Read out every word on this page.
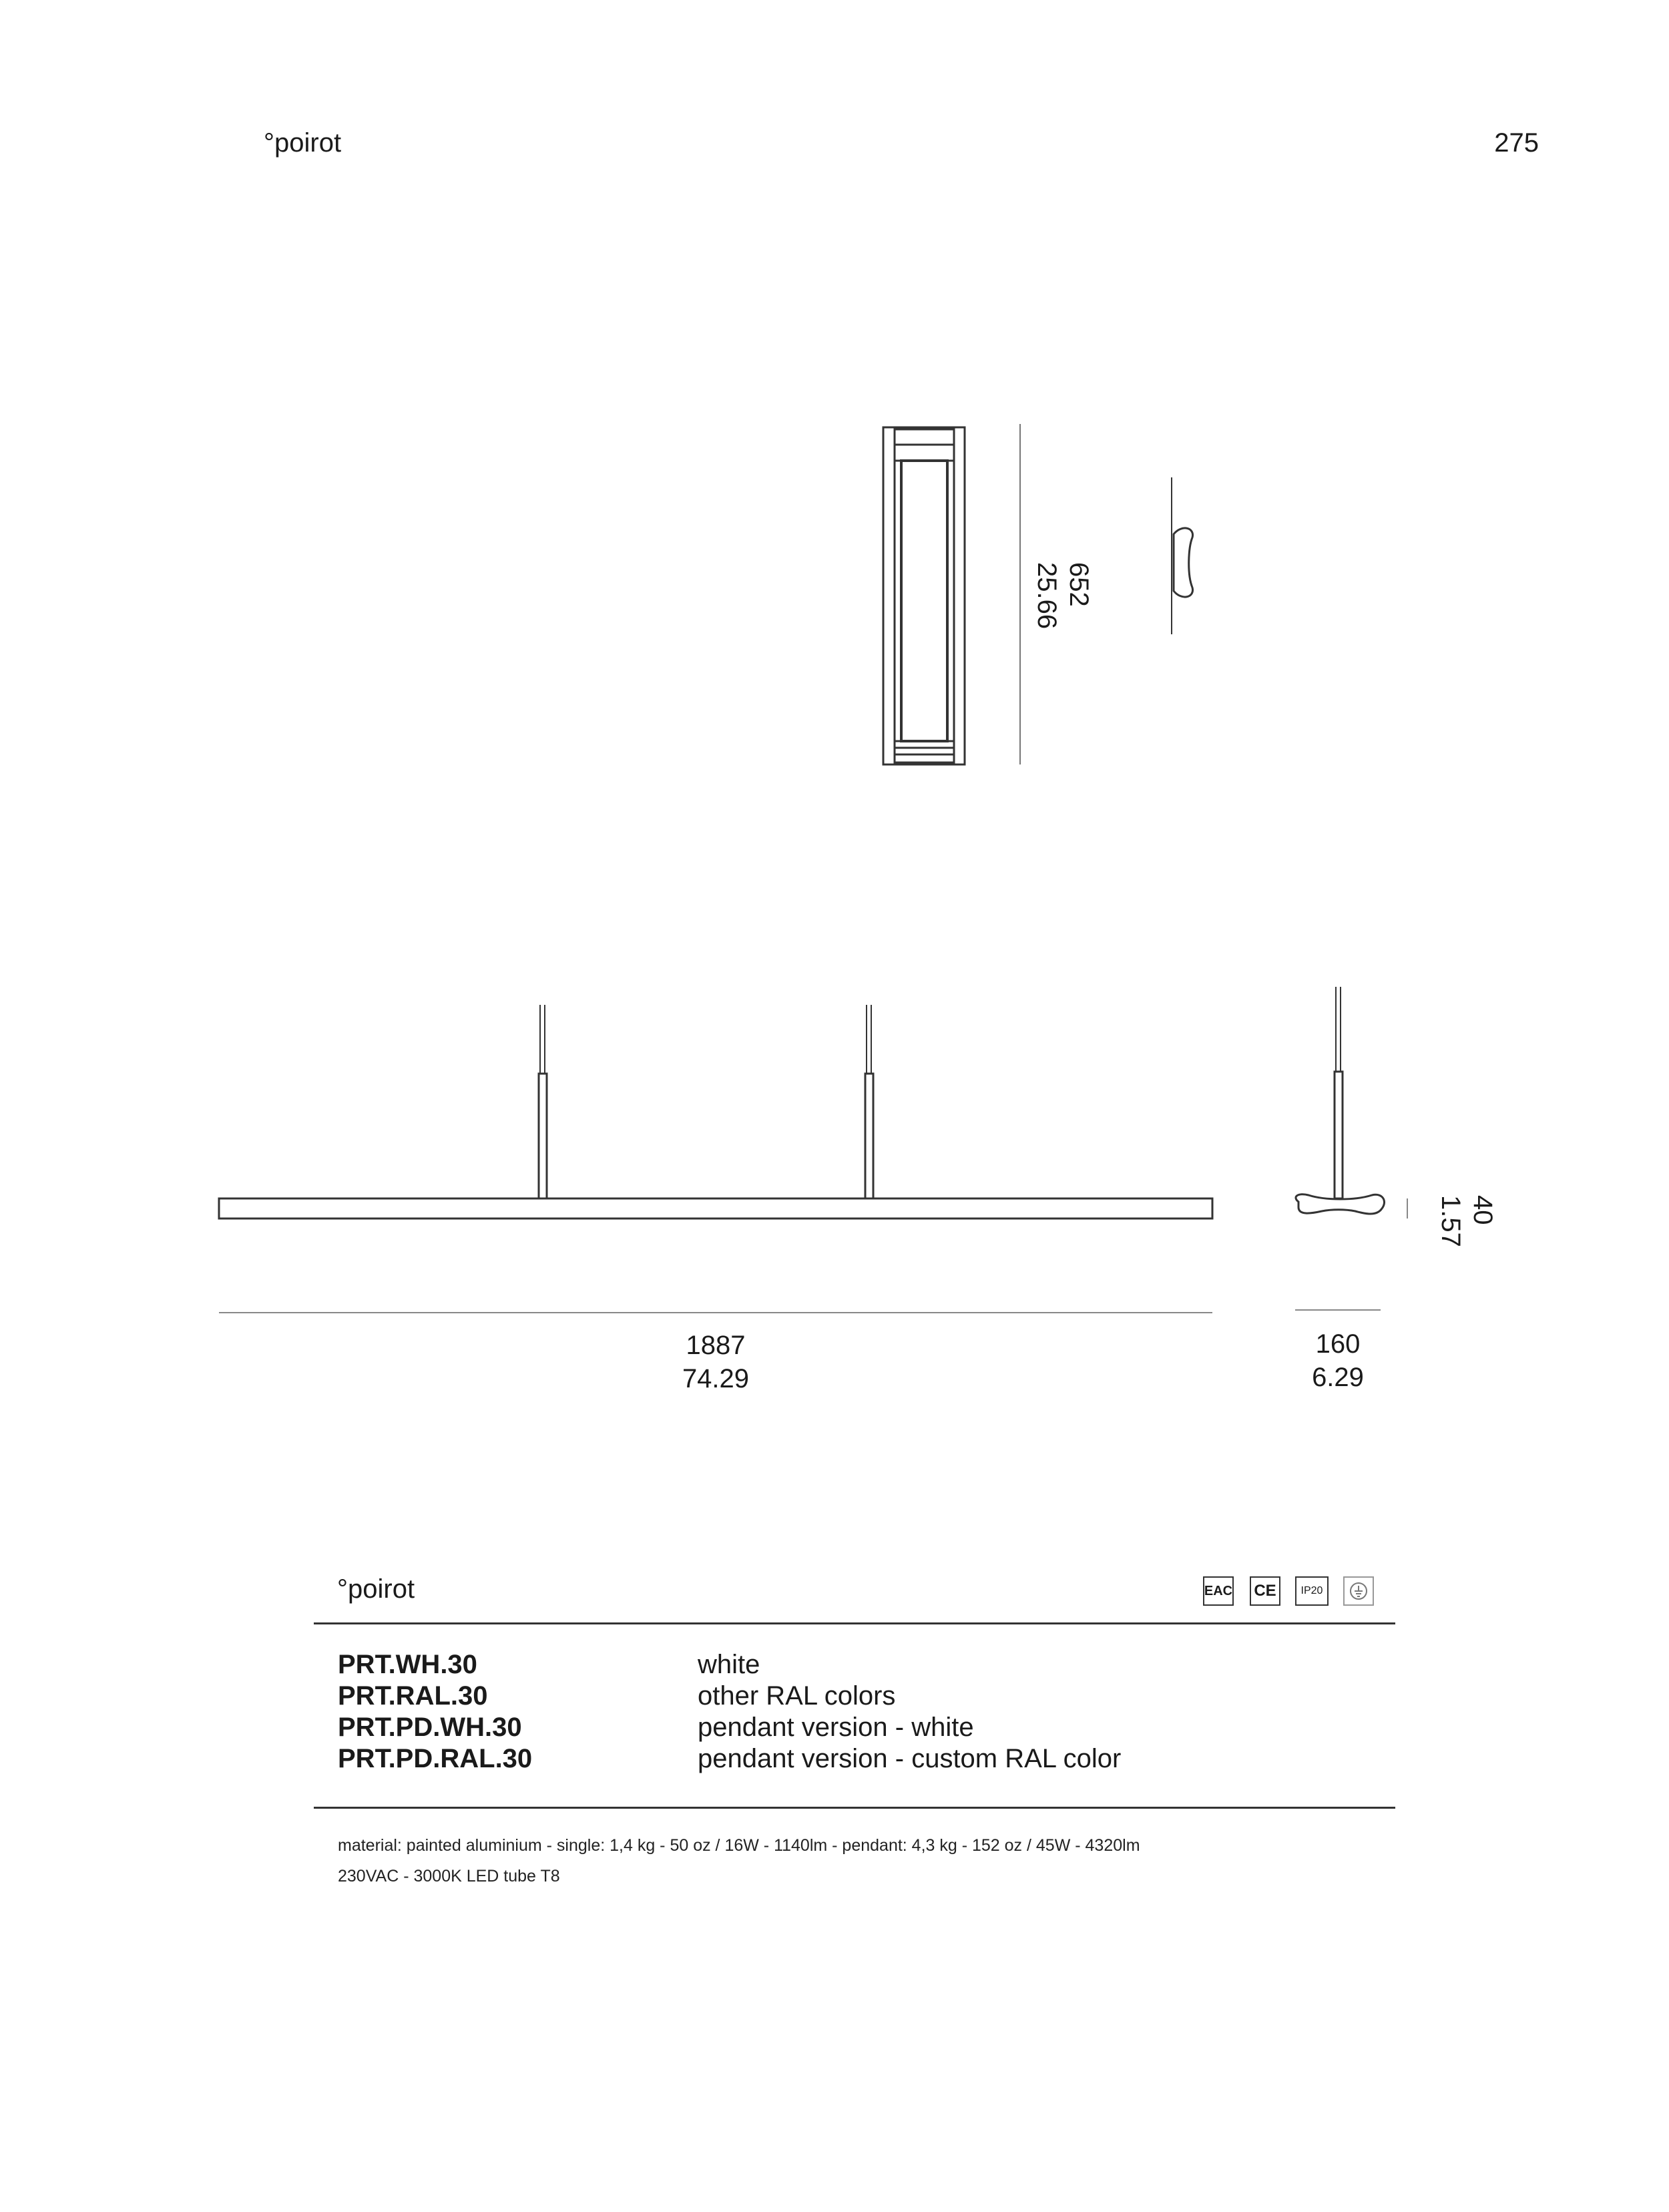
°poirot	275
652
25.66
1887
74.29
160
6.29
40
1.57
°poirot	EAC CE IP20
PRT.WH.30
PRT.RAL.30
PRT.PD.WH.30
PRT.PD.RAL.30
white
other RAL colors
pendant version - white
pendant version - custom RAL color
material: painted aluminium - single: 1,4 kg - 50 oz / 16W - 1140lm - pendant: 4,3 kg - 152 oz / 45W - 4320lm
230VAC - 3000K LED tube T8
